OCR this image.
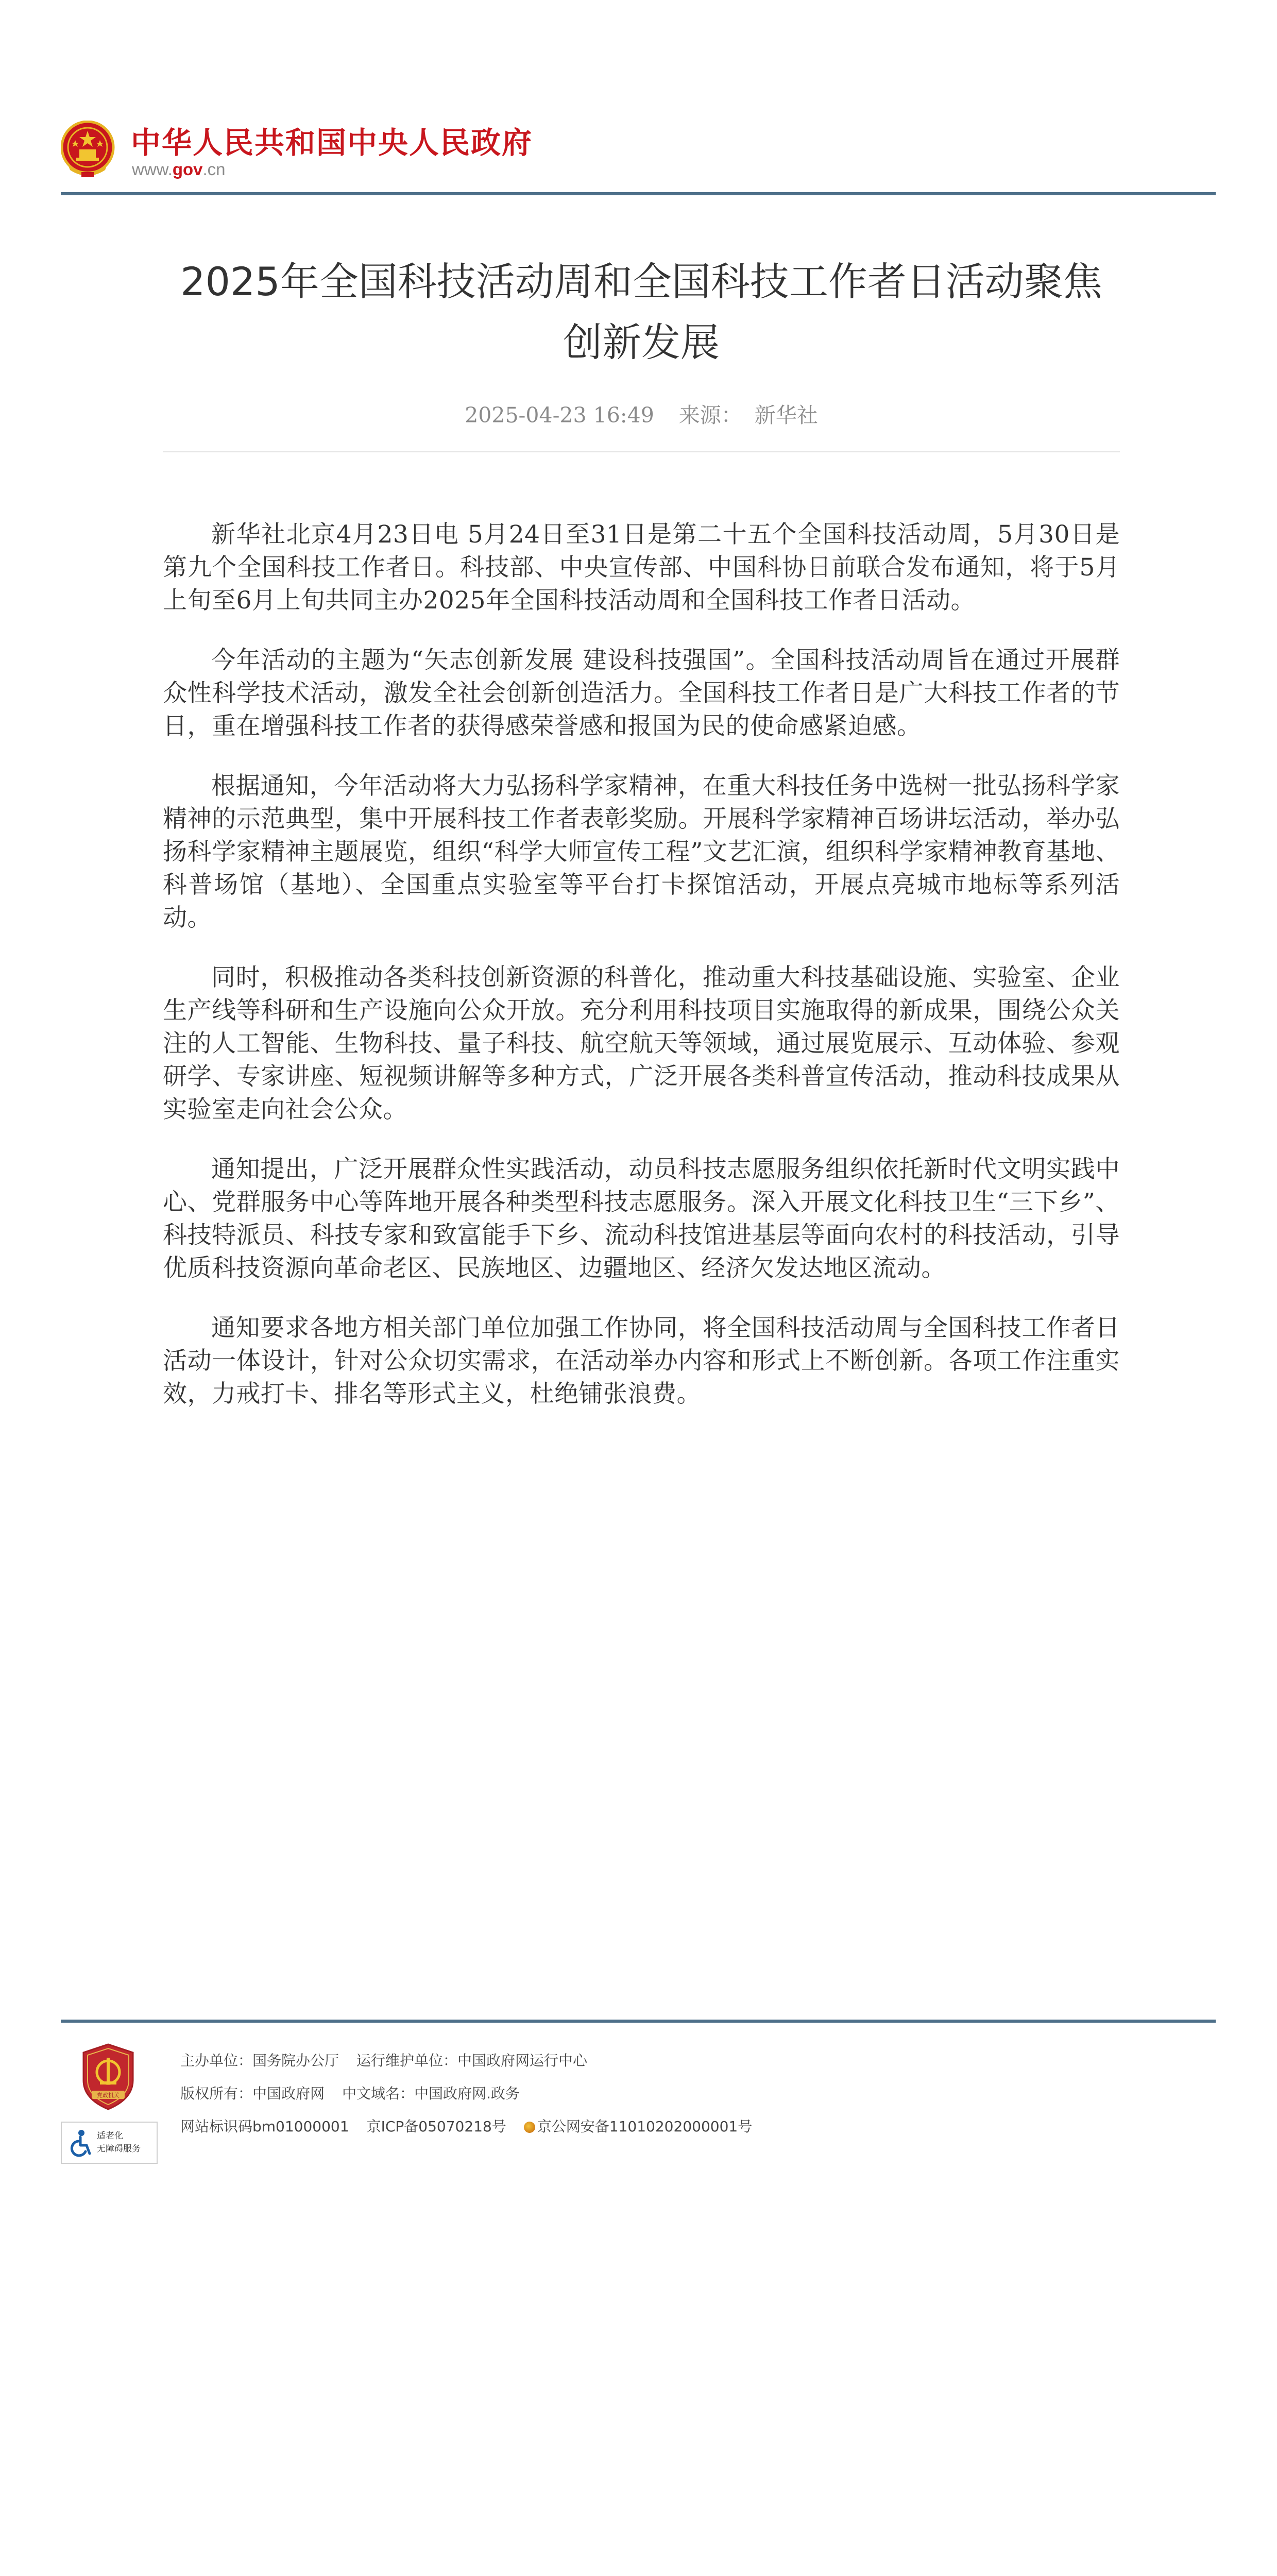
中华人民共和国中央人民政府
www.gov.cn
2025年全国科技活动周和全国科技工作者日活动聚焦创新发展
2025-04-23 16:49 来源： 新华社

新华社北京4月23日电 5月24日至31日是第二十五个全国科技活动周，5月30日是第九个全国科技工作者日。科技部、中央宣传部、中国科协日前联合发布通知，将于5月上旬至6月上旬共同主办2025年全国科技活动周和全国科技工作者日活动。

今年活动的主题为“矢志创新发展 建设科技强国”。全国科技活动周旨在通过开展群众性科学技术活动，激发全社会创新创造活力。全国科技工作者日是广大科技工作者的节日，重在增强科技工作者的获得感荣誉感和报国为民的使命感紧迫感。

根据通知，今年活动将大力弘扬科学家精神，在重大科技任务中选树一批弘扬科学家精神的示范典型，集中开展科技工作者表彰奖励。开展科学家精神百场讲坛活动，举办弘扬科学家精神主题展览，组织“科学大师宣传工程”文艺汇演，组织科学家精神教育基地、科普场馆（基地）、全国重点实验室等平台打卡探馆活动，开展点亮城市地标等系列活动。

同时，积极推动各类科技创新资源的科普化，推动重大科技基础设施、实验室、企业生产线等科研和生产设施向公众开放。充分利用科技项目实施取得的新成果，围绕公众关注的人工智能、生物科技、量子科技、航空航天等领域，通过展览展示、互动体验、参观研学、专家讲座、短视频讲解等多种方式，广泛开展各类科普宣传活动，推动科技成果从实验室走向社会公众。

通知提出，广泛开展群众性实践活动，动员科技志愿服务组织依托新时代文明实践中心、党群服务中心等阵地开展各种类型科技志愿服务。深入开展文化科技卫生“三下乡”、科技特派员、科技专家和致富能手下乡、流动科技馆进基层等面向农村的科技活动，引导优质科技资源向革命老区、民族地区、边疆地区、经济欠发达地区流动。

通知要求各地方相关部门单位加强工作协同，将全国科技活动周与全国科技工作者日活动一体设计，针对公众切实需求，在活动举办内容和形式上不断创新。各项工作注重实效，力戒打卡、排名等形式主义，杜绝铺张浪费。

党政机关
适老化
无障碍服务
主办单位：国务院办公厅 运行维护单位：中国政府网运行中心
版权所有：中国政府网 中文域名：中国政府网.政务
网站标识码bm01000001 京ICP备05070218号 京公网安备11010202000001号
